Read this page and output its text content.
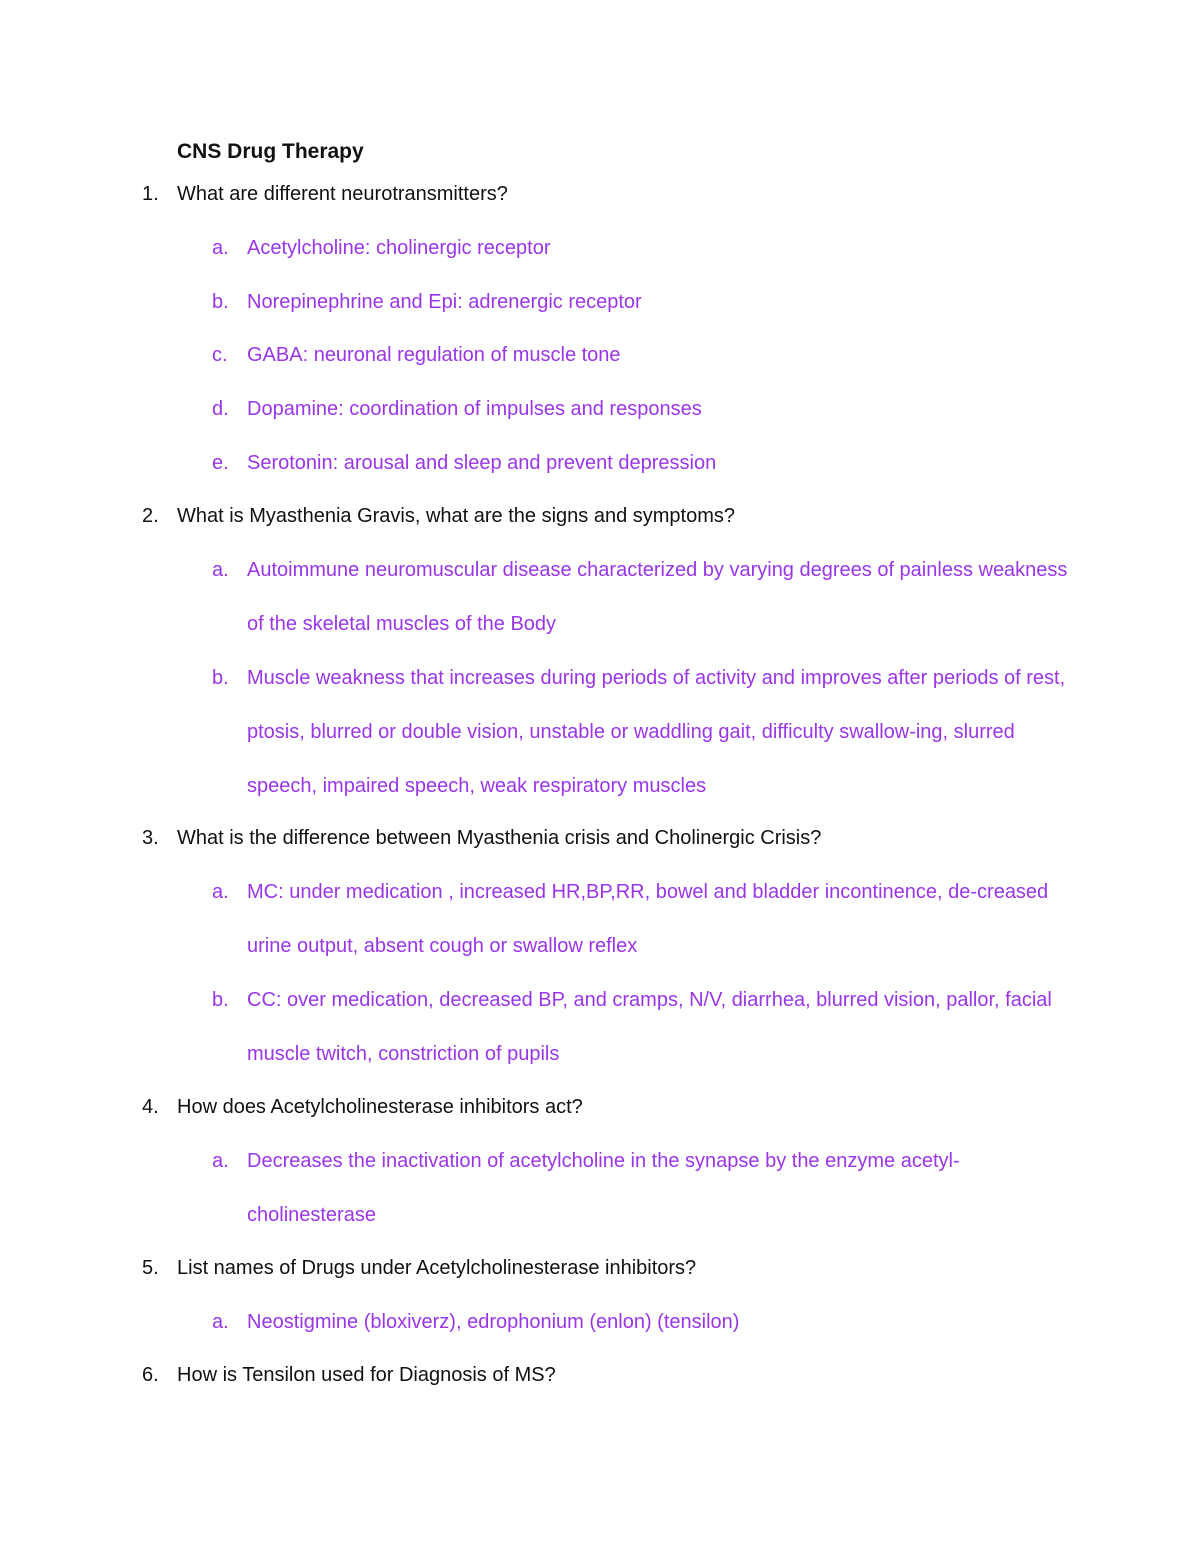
CNS Drug Therapy
1. What are different neurotransmitters?
a. Acetylcholine: cholinergic receptor
b. Norepinephrine and Epi: adrenergic receptor
c. GABA: neuronal regulation of muscle tone
d. Dopamine: coordination of impulses and responses
e. Serotonin: arousal and sleep and prevent depression
2. What is Myasthenia Gravis, what are the signs and symptoms?
a. Autoimmune neuromuscular disease characterized by varying degrees of painless weakness of the skeletal muscles of the Body
b. Muscle weakness that increases during periods of activity and improves after periods of rest, ptosis, blurred or double vision, unstable or waddling gait, difficulty swallow-ing, slurred speech, impaired speech, weak respiratory muscles
3. What is the difference between Myasthenia crisis and Cholinergic Crisis?
a. MC: under medication , increased HR,BP,RR, bowel and bladder incontinence, de-creased urine output, absent cough or swallow reflex
b. CC: over medication, decreased BP, and cramps, N/V, diarrhea, blurred vision, pallor, facial muscle twitch, constriction of pupils
4. How does Acetylcholinesterase inhibitors act?
a. Decreases the inactivation of acetylcholine in the synapse by the enzyme acetyl-cholinesterase
5. List names of Drugs under Acetylcholinesterase inhibitors?
a. Neostigmine (bloxiverz), edrophonium (enlon) (tensilon)
6. How is Tensilon used for Diagnosis of MS?
